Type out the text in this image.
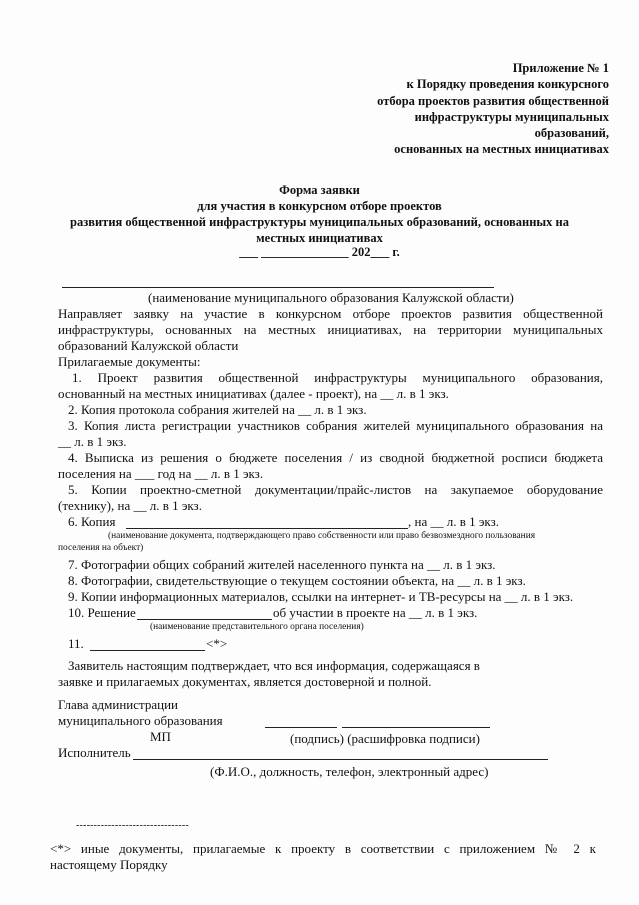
Приложение № 1
к Порядку проведения конкурсного
отбора проектов развития общественной
инфраструктуры муниципальных
образований,
основанных на местных инициативах
Форма заявки
для участия в конкурсном отборе проектов
развития общественной инфраструктуры муниципальных образований, основанных на
местных инициативах
___ ______________ 202___ г.
(наименование муниципального образования Калужской области)
Направляет заявку на участие в конкурсном отборе проектов развития общественной
инфраструктуры, основанных на местных инициативах, на территории муниципальных
образований Калужской области
Прилагаемые документы:
1. Проект развития общественной инфраструктуры муниципального образования,
основанный на местных инициативах (далее - проект), на __ л. в 1 экз.
2. Копия протокола собрания жителей на __ л. в 1 экз.
3. Копия листа регистрации участников собрания жителей муниципального образования на
__ л. в 1 экз.
4. Выписка из решения о бюджете поселения / из сводной бюджетной росписи бюджета
поселения на ___ год на __ л. в 1 экз.
5. Копии проектно-сметной документации/прайс-листов на закупаемое оборудование
(технику), на __ л. в 1 экз.
6. Копия	, на __ л. в 1 экз.
(наименование документа, подтверждающего право собственности или право безвозмездного пользования
поселения на объект)
7. Фотографии общих собраний жителей населенного пункта на __ л. в 1 экз.
8. Фотографии, свидетельствующие о текущем состоянии объекта, на __ л. в 1 экз.
9. Копии информационных материалов, ссылки на интернет- и ТВ-ресурсы на __ л. в 1 экз.
10. Решение	об участии в проекте на __ л. в 1 экз.
(наименование представительного органа поселения)
11.	<*>
Заявитель настоящим подтверждает, что вся информация, содержащаяся в
заявке и прилагаемых документах, является достоверной и полной.
Глава администрации
муниципального образования
МП	(подпись) (расшифровка подписи)
Исполнитель
(Ф.И.О., должность, телефон, электронный адрес)
--------------------------------
<*> иные документы, прилагаемые к проекту в соответствии с приложением № 2 к
настоящему Порядку
